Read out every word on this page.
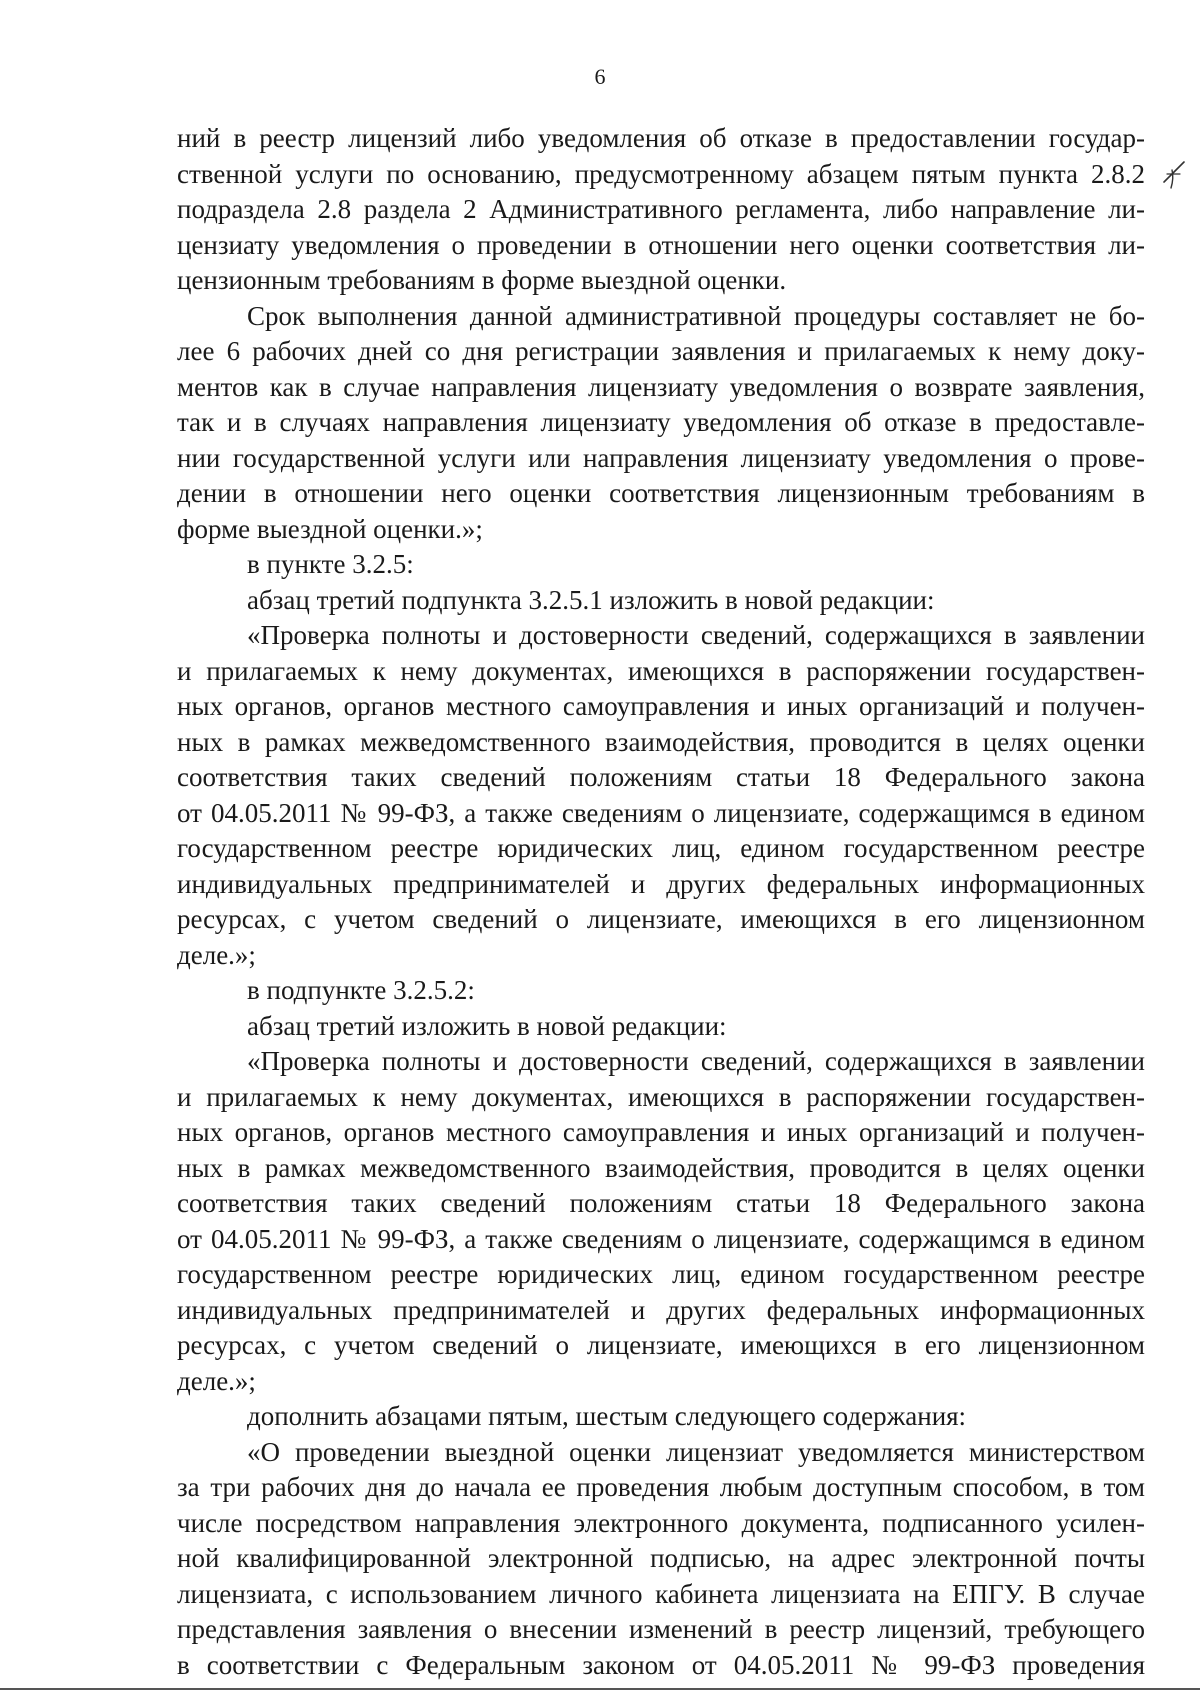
6
ний в реестр лицензий либо уведомления об отказе в предоставлении государ-
ственной услуги по основанию, предусмотренному абзацем пятым пункта 2.8.2
подраздела 2.8 раздела 2 Административного регламента, либо направление ли-
цензиату уведомления о проведении в отношении него оценки соответствия ли-
цензионным требованиям в форме выездной оценки.
Срок выполнения данной административной процедуры составляет не бо-
лее 6 рабочих дней со дня регистрации заявления и прилагаемых к нему доку-
ментов как в случае направления лицензиату уведомления о возврате заявления,
так и в случаях направления лицензиату уведомления об отказе в предоставле-
нии государственной услуги или направления лицензиату уведомления о прове-
дении в отношении него оценки соответствия лицензионным требованиям в
форме выездной оценки.»;
в пункте 3.2.5:
абзац третий подпункта 3.2.5.1 изложить в новой редакции:
«Проверка полноты и достоверности сведений, содержащихся в заявлении
и прилагаемых к нему документах, имеющихся в распоряжении государствен-
ных органов, органов местного самоуправления и иных организаций и получен-
ных в рамках межведомственного взаимодействия, проводится в целях оценки
соответствия таких сведений положениям статьи 18 Федерального закона
от 04.05.2011 № 99-ФЗ, а также сведениям о лицензиате, содержащимся в едином
государственном реестре юридических лиц, едином государственном реестре
индивидуальных предпринимателей и других федеральных информационных
ресурсах, с учетом сведений о лицензиате, имеющихся в его лицензионном
деле.»;
в подпункте 3.2.5.2:
абзац третий изложить в новой редакции:
«Проверка полноты и достоверности сведений, содержащихся в заявлении
и прилагаемых к нему документах, имеющихся в распоряжении государствен-
ных органов, органов местного самоуправления и иных организаций и получен-
ных в рамках межведомственного взаимодействия, проводится в целях оценки
соответствия таких сведений положениям статьи 18 Федерального закона
от 04.05.2011 № 99-ФЗ, а также сведениям о лицензиате, содержащимся в едином
государственном реестре юридических лиц, едином государственном реестре
индивидуальных предпринимателей и других федеральных информационных
ресурсах, с учетом сведений о лицензиате, имеющихся в его лицензионном
деле.»;
дополнить абзацами пятым, шестым следующего содержания:
«О проведении выездной оценки лицензиат уведомляется министерством
за три рабочих дня до начала ее проведения любым доступным способом, в том
числе посредством направления электронного документа, подписанного усилен-
ной квалифицированной электронной подписью, на адрес электронной почты
лицензиата, с использованием личного кабинета лицензиата на ЕПГУ. В случае
представления заявления о внесении изменений в реестр лицензий, требующего
в соответствии с Федеральным законом от 04.05.2011 № 99-ФЗ проведения
